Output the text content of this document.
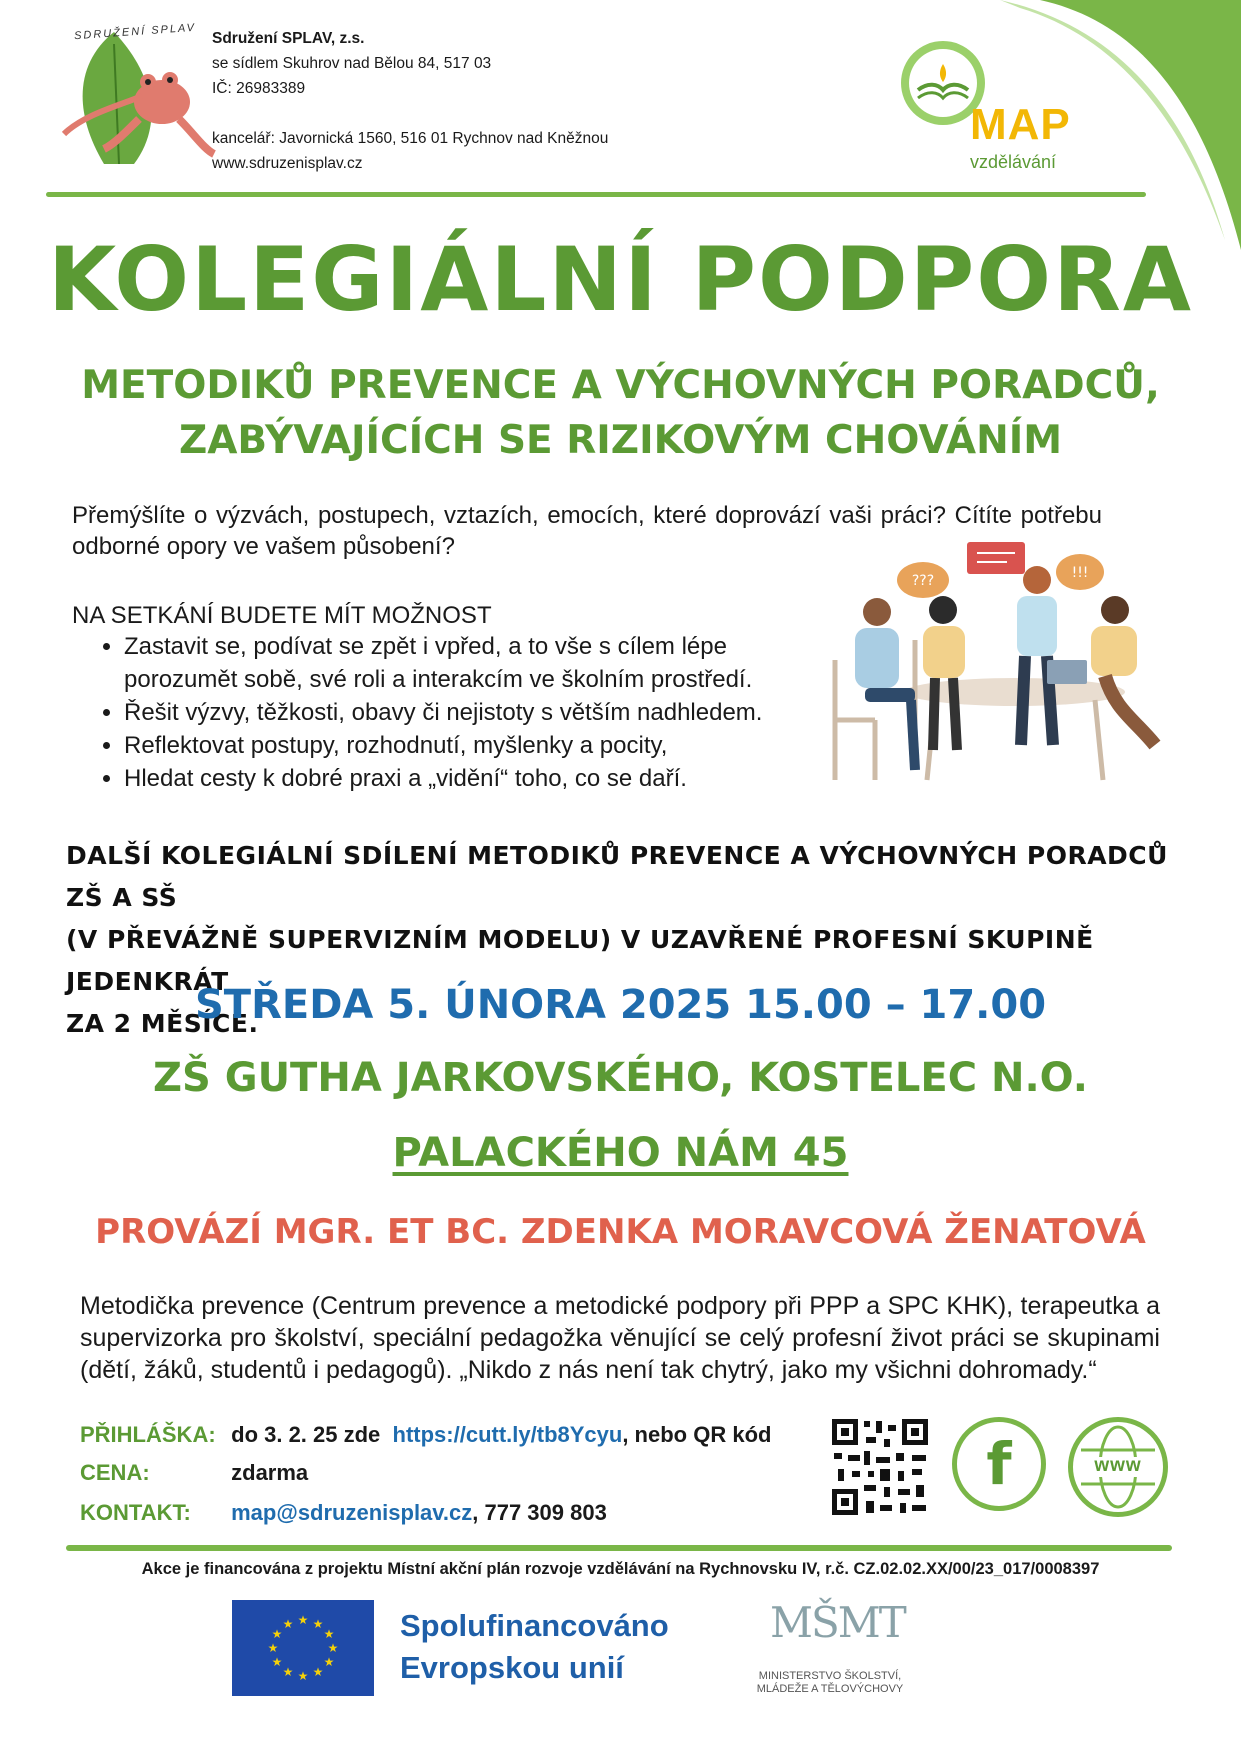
SDRUŽENÍ SPLAV Sdružení SPLAV, z.s.
se sídlem Skuhrov nad Bělou 84, 517 03
IČ: 26983389
kancelář: Javornická 1560, 516 01 Rychnov nad Kněžnou
www.sdruzenisplav.cz
MAP
vzdělávání
KOLEGIÁLNÍ PODPORA
METODIKŮ PREVENCE A VÝCHOVNÝCH PORADCŮ,
ZABÝVAJÍCÍCH SE RIZIKOVÝM CHOVÁNÍM
Přemýšlíte o výzvách, postupech, vztazích, emocích, které doprovází vaši práci? Cítíte potřebu odborné opory ve vašem působení?
NA SETKÁNÍ BUDETE MÍT MOŽNOST
• Zastavit se, podívat se zpět i vpřed, a to vše s cílem lépe porozumět sobě, své roli a interakcím ve školním prostředí.
• Řešit výzvy, těžkosti, obavy či nejistoty s větším nadhledem.
• Reflektovat postupy, rozhodnutí, myšlenky a pocity,
• Hledat cesty k dobré praxi a „vidění“ toho, co se daří.
???	!!!
DALŠÍ KOLEGIÁLNÍ SDÍLENÍ METODIKŮ PREVENCE A VÝCHOVNÝCH PORADCŮ ZŠ A SŠ
(V PŘEVÁŽNĚ SUPERVIZNÍM MODELU) V UZAVŘENÉ PROFESNÍ SKUPINĚ JEDENKRÁT
ZA 2 MĚSÍCE.
STŘEDA 5. ÚNORA 2025 15.00 – 17.00
ZŠ GUTHA JARKOVSKÉHO, KOSTELEC N.O.
PALACKÉHO NÁM 45
PROVÁZÍ MGR. ET BC. ZDENKA MORAVCOVÁ ŽENATOVÁ
Metodička prevence (Centrum prevence a metodické podpory při PPP a SPC KHK), terapeutka a supervizorka pro školství, speciální pedagožka věnující se celý profesní život práci se skupinami (dětí, žáků, studentů i pedagogů). „Nikdo z nás není tak chytrý, jako my všichni dohromady.“
PŘIHLÁŠKA: do 3. 2. 25 zde https://cutt.ly/tb8Ycyu, nebo QR kód
CENA:	zdarma
KONTAKT: map@sdruzenisplav.cz, 777 309 803
f	www
Akce je financována z projektu Místní akční plán rozvoje vzdělávání na Rychnovsku IV, r.č. CZ.02.02.XX/00/23_017/0008397
★ ★
★
★
★
★
★
★
★
★
★
★	Spolufinancováno
Evropskou unií
MŠMT
MINISTERSTVO ŠKOLSTVÍ,
MLÁDEŽE A TĚLOVÝCHOVY
